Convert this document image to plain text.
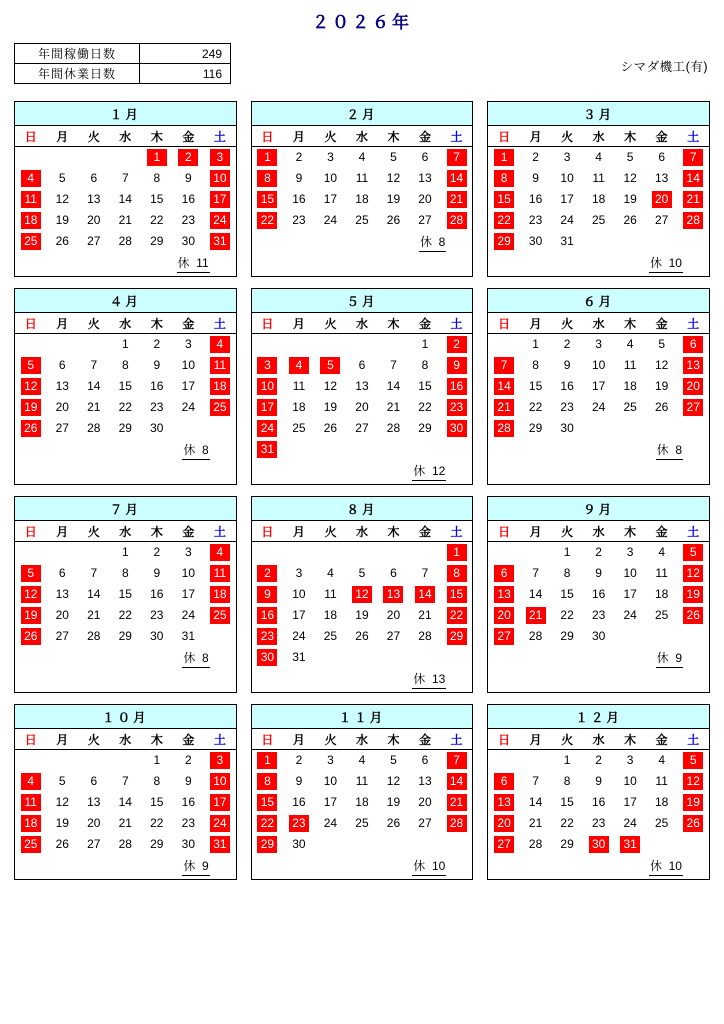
２０２６年
年間稼働日数	249
年間休業日数	116	シマダ機工(有)
１月
日	月	火	水	木	金	土

				1	2	3

4	5	6	7	8	9	10

11	12	13	14	15	16	17

18	19	20	21	22	23	24

25	26	27	28	29	30	31
休  11
２月
日	月	火	水	木	金	土

1	2	3	4	5	6	7

8	9	10	11	12	13	14

15	16	17	18	19	20	21

22	23	24	25	26	27	28
休  8
３月
日	月	火	水	木	金	土

1	2	3	4	5	6	7

8	9	10	11	12	13	14

15	16	17	18	19	20	21

22	23	24	25	26	27	28

29	30	31				

休  10
４月
日	月	火	水	木	金	土

			1	2	3	4

5	6	7	8	9	10	11

12	13	14	15	16	17	18

19	20	21	22	23	24	25

26	27	28	29	30		

休  8
５月
日	月	火	水	木	金	土

					1	2

3	4	5	6	7	8	9

10	11	12	13	14	15	16

17	18	19	20	21	22	23

24	25	26	27	28	29	30

31						

休  12
６月
日	月	火	水	木	金	土

	1	2	3	4	5	6

7	8	9	10	11	12	13

14	15	16	17	18	19	20

21	22	23	24	25	26	27

28	29	30				

休  8
７月
日	月	火	水	木	金	土

			1	2	3	4

5	6	7	8	9	10	11

12	13	14	15	16	17	18

19	20	21	22	23	24	25

26	27	28	29	30	31	

休  8
８月
日	月	火	水	木	金	土

						1

2	3	4	5	6	7	8

9	10	11	12	13	14	15

16	17	18	19	20	21	22

23	24	25	26	27	28	29

30	31					

休  13
９月
日	月	火	水	木	金	土

		1	2	3	4	5

6	7	8	9	10	11	12

13	14	15	16	17	18	19

20	21	22	23	24	25	26

27	28	29	30			

休  9
１０月
日	月	火	水	木	金	土

				1	2	3

4	5	6	7	8	9	10

11	12	13	14	15	16	17

18	19	20	21	22	23	24

25	26	27	28	29	30	31
休  9
１１月
日	月	火	水	木	金	土

1	2	3	4	5	6	7

8	9	10	11	12	13	14

15	16	17	18	19	20	21

22	23	24	25	26	27	28

29	30					

休  10
１２月
日	月	火	水	木	金	土

		1	2	3	4	5

6	7	8	9	10	11	12

13	14	15	16	17	18	19

20	21	22	23	24	25	26

27	28	29	30	31		

休  10
